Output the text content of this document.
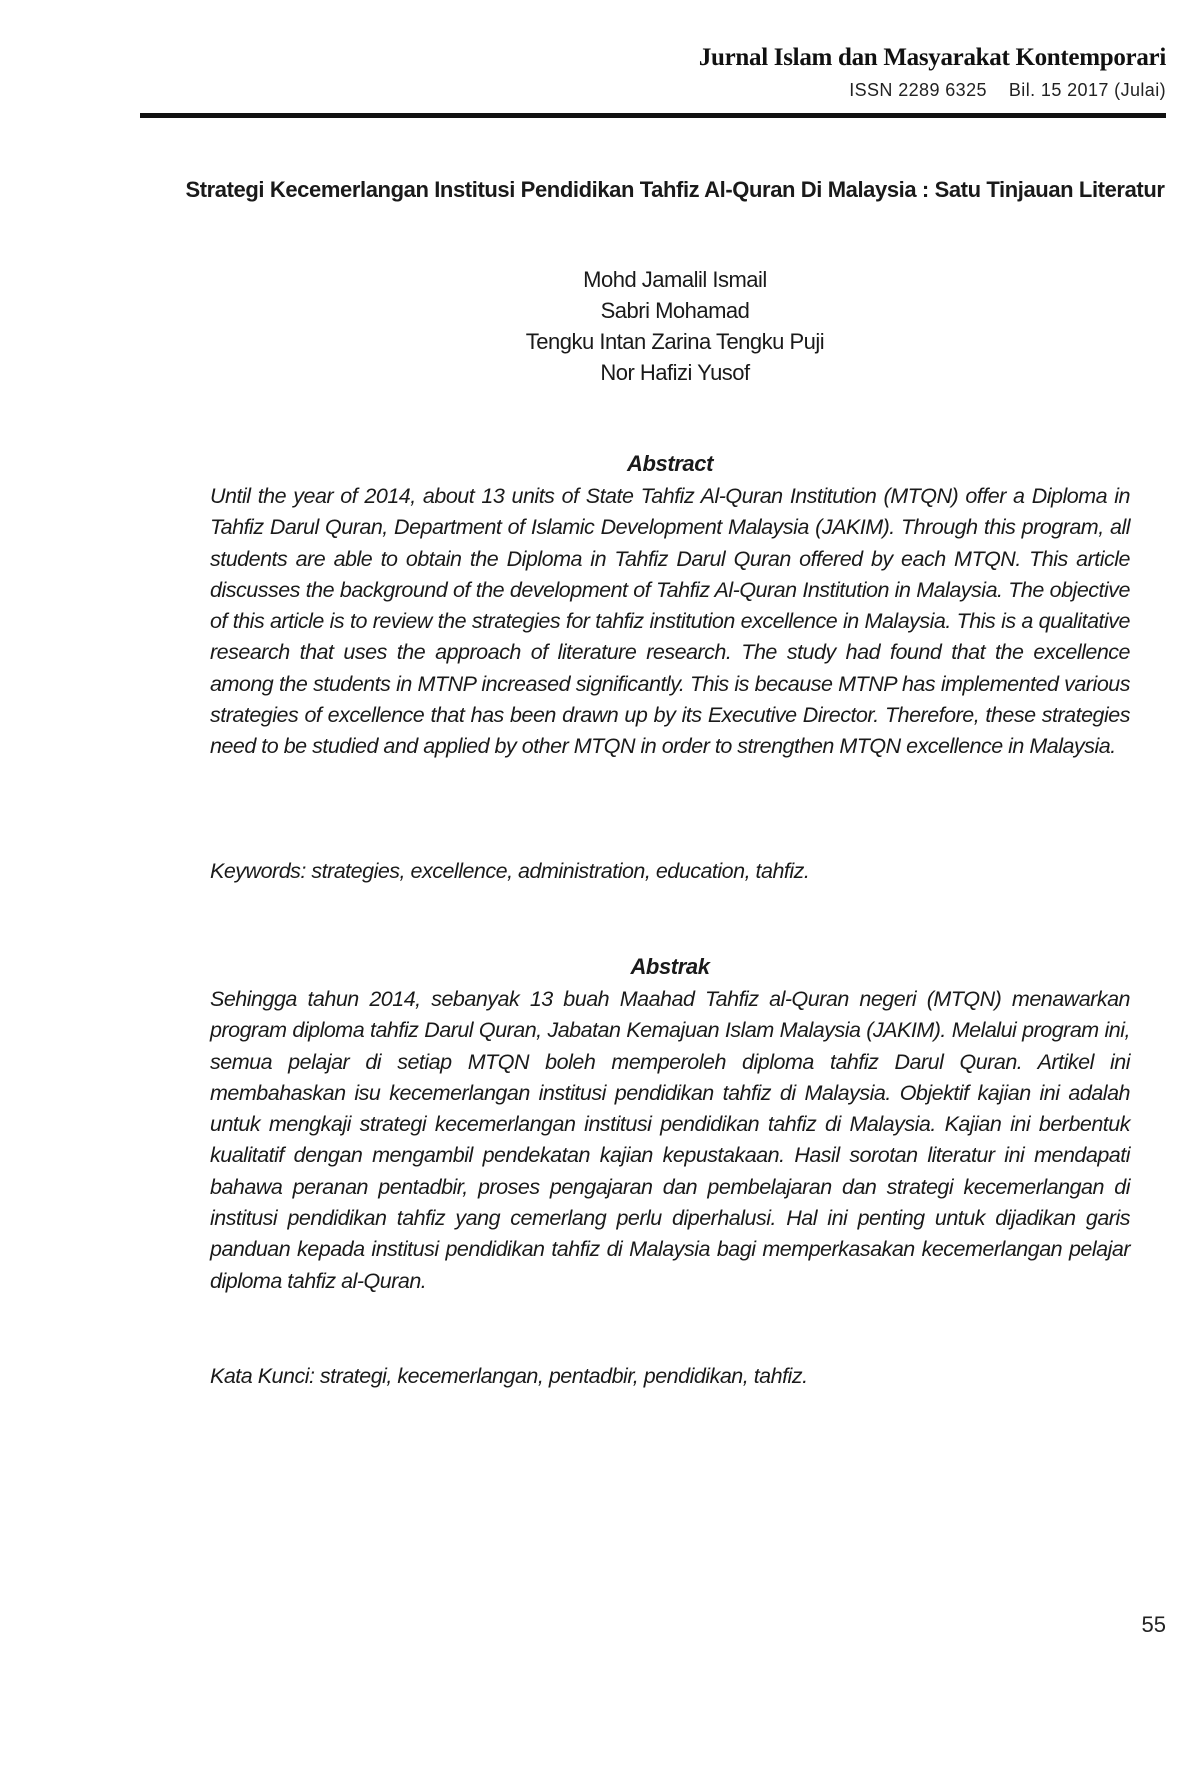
Jurnal Islam dan Masyarakat Kontemporari
ISSN 2289 6325 Bil. 15 2017 (Julai)
Strategi Kecemerlangan Institusi Pendidikan Tahfiz Al-Quran Di Malaysia : Satu Tinjauan Literatur
Mohd Jamalil Ismail
Sabri Mohamad
Tengku Intan Zarina Tengku Puji
Nor Hafizi Yusof
Abstract

Until the year of 2014, about 13 units of State Tahfiz Al-Quran Institution (MTQN) offer a Diploma in Tahfiz Darul Quran, Department of Islamic Development Malaysia (JAKIM). Through this program, all students are able to obtain the Diploma in Tahfiz Darul Quran offered by each MTQN. This article discusses the background of the development of Tahfiz Al-Quran Institution in Malaysia. The objective of this article is to review the strategies for tahfiz institution excellence in Malaysia. This is a qualitative research that uses the approach of literature research. The study had found that the excellence among the students in MTNP increased significantly. This is because MTNP has implemented various strategies of excellence that has been drawn up by its Executive Director. Therefore, these strategies need to be studied and applied by other MTQN in order to strengthen MTQN excellence in Malaysia.

Keywords: strategies, excellence, administration, education, tahfiz.

Abstrak

Sehingga tahun 2014, sebanyak 13 buah Maahad Tahfiz al-Quran negeri (MTQN) menawarkan program diploma tahfiz Darul Quran, Jabatan Kemajuan Islam Malaysia (JAKIM). Melalui program ini, semua pelajar di setiap MTQN boleh memperoleh diploma tahfiz Darul Quran. Artikel ini membahaskan isu kecemerlangan institusi pendidikan tahfiz di Malaysia. Objektif kajian ini adalah untuk mengkaji strategi kecemerlangan institusi pendidikan tahfiz di Malaysia. Kajian ini berbentuk kualitatif dengan mengambil pendekatan kajian kepustakaan. Hasil sorotan literatur ini mendapati bahawa peranan pentadbir, proses pengajaran dan pembelajaran dan strategi kecemerlangan di institusi pendidikan tahfiz yang cemerlang perlu diperhalusi. Hal ini penting untuk dijadikan garis panduan kepada institusi pendidikan tahfiz di Malaysia bagi memperkasakan kecemerlangan pelajar diploma tahfiz al-Quran.

Kata Kunci: strategi, kecemerlangan, pentadbir, pendidikan, tahfiz.

55
